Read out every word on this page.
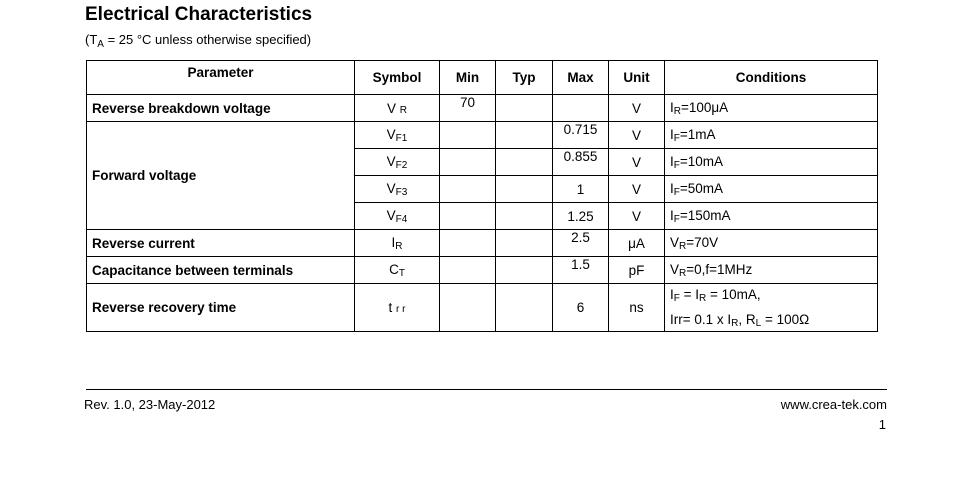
Electrical Characteristics
($T_A = 25$ °C unless otherwise specified)
Parameter	Symbol	Min	Typ	Max	Unit	Conditions
Reverse breakdown voltage	V R	70			V	IR=100μA
Forward voltage	VF1			0.715	V	IF=1mA
	VF2			0.855	V	IF=10mA
	VF3			1	V	IF=50mA
	VF4			1.25	V	IF=150mA
Reverse current	IR			2.5	μA	VR=70V
Capacitance between terminals	CT			1.5	pF	VR=0,f=1MHz
Reverse recovery time	t r r			6	ns	IF = IR = 10mA,
Irr= 0.1 x IR, RL = 100Ω
Rev. 1.0, 23-May-2012	www.crea-tek.com
1
